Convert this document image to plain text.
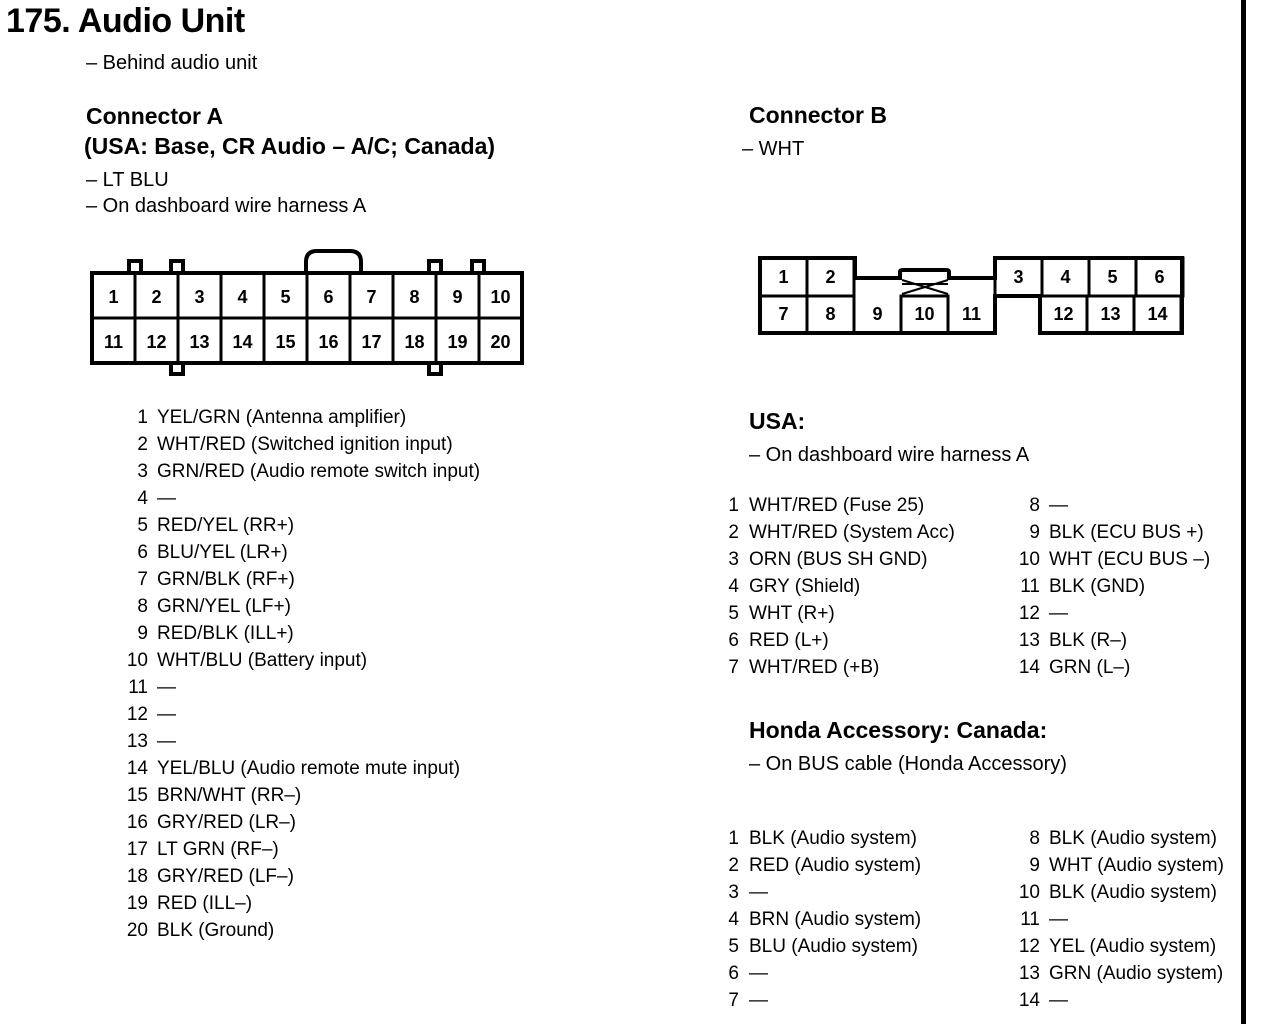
175. Audio Unit
– Behind audio unit
Connector A
(USA: Base, CR Audio – A/C; Canada)
– LT BLU
– On dashboard wire harness A
1 2 3 4 5 6 7 8 9 10
11 12 13 14 15 16 17 18 19 20
1 YEL/GRN (Antenna amplifier)
2 WHT/RED (Switched ignition input)
3 GRN/RED (Audio remote switch input)
4 —
5 RED/YEL (RR+)
6 BLU/YEL (LR+)
7 GRN/BLK (RF+)
8 GRN/YEL (LF+)
9 RED/BLK (ILL+)
10 WHT/BLU (Battery input)
11 —
12 —
13 —
14 YEL/BLU (Audio remote mute input)
15 BRN/WHT (RR–)
16 GRY/RED (LR–)
17 LT GRN (RF–)
18 GRY/RED (LF–)
19 RED (ILL–)
20 BLK (Ground)
Connector B
– WHT
1 2	3 4 5 6
7 8 9 10 11	12 13 14
USA:
– On dashboard wire harness A
1 WHT/RED (Fuse 25)
2 WHT/RED (System Acc)
3 ORN (BUS SH GND)
4 GRY (Shield)
5 WHT (R+)
6 RED (L+)
7 WHT/RED (+B)
8 —
9 BLK (ECU BUS +)
10 WHT (ECU BUS –)
11 BLK (GND)
12 —
13 BLK (R–)
14 GRN (L–)
Honda Accessory: Canada:
– On BUS cable (Honda Accessory)
1 BLK (Audio system)
2 RED (Audio system)
3 —
4 BRN (Audio system)
5 BLU (Audio system)
6 —
7 —
8 BLK (Audio system)
9 WHT (Audio system)
10 BLK (Audio system)
11 —
12 YEL (Audio system)
13 GRN (Audio system)
14 —
